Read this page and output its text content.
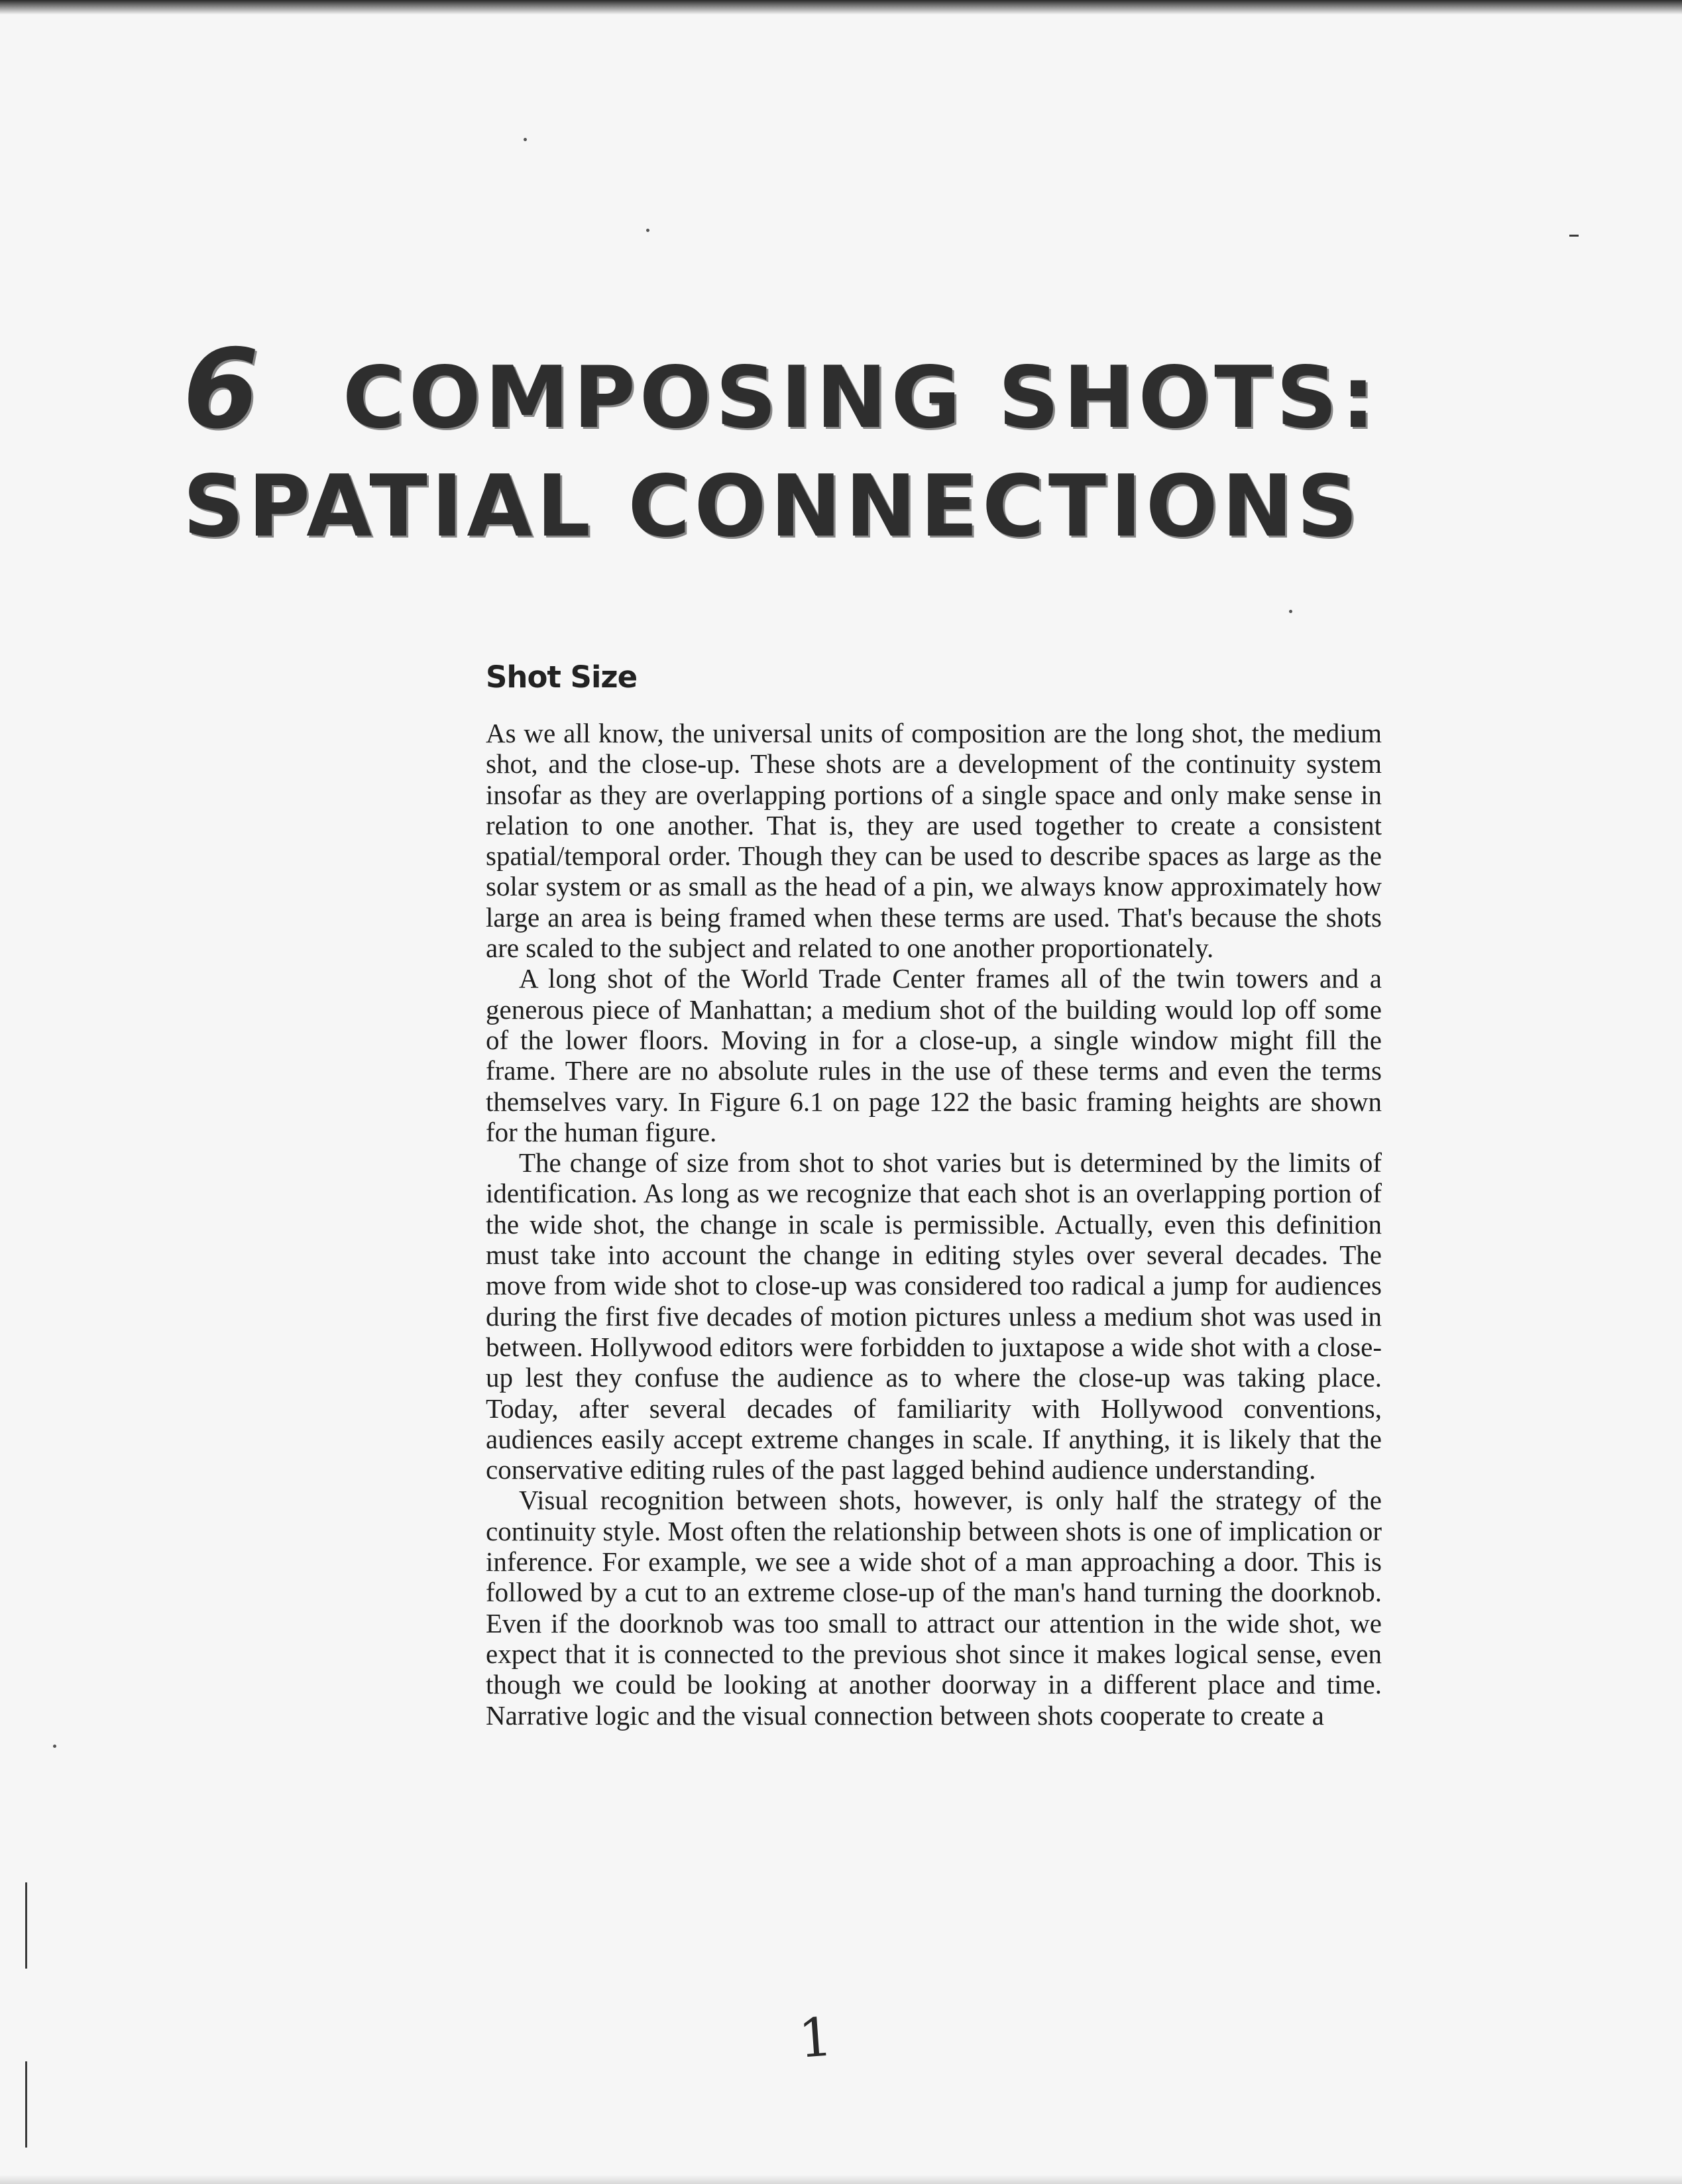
6 COMPOSING SHOTS:
SPATIAL CONNECTIONS
Shot Size

As we all know, the universal units of composition are the long shot, the medium shot, and the close-up. These shots are a development of the continuity system insofar as they are overlapping portions of a single space and only make sense in relation to one another. That is, they are used together to create a consistent spatial/temporal order. Though they can be used to describe spaces as large as the solar system or as small as the head of a pin, we always know approximately how large an area is being framed when these terms are used. That's because the shots are scaled to the subject and related to one another proportionately.

A long shot of the World Trade Center frames all of the twin towers and a generous piece of Manhattan; a medium shot of the building would lop off some of the lower floors. Moving in for a close-up, a single window might fill the frame. There are no absolute rules in the use of these terms and even the terms themselves vary. In Figure 6.1 on page 122 the basic framing heights are shown for the human figure.

The change of size from shot to shot varies but is determined by the limits of identification. As long as we recognize that each shot is an overlapping portion of the wide shot, the change in scale is permissible. Actually, even this definition must take into account the change in editing styles over several decades. The move from wide shot to close-up was considered too radical a jump for audiences during the first five decades of motion pictures unless a medium shot was used in between. Hollywood editors were forbidden to juxtapose a wide shot with a close-up lest they confuse the audience as to where the close-up was taking place. Today, after several decades of familiarity with Hollywood conventions, audiences easily accept extreme changes in scale. If anything, it is likely that the conservative editing rules of the past lagged behind audience understanding.

Visual recognition between shots, however, is only half the strategy of the continuity style. Most often the relationship between shots is one of implication or inference. For example, we see a wide shot of a man approaching a door. This is followed by a cut to an extreme close-up of the man's hand turning the doorknob. Even if the doorknob was too small to attract our attention in the wide shot, we expect that it is connected to the previous shot since it makes logical sense, even though we could be looking at another doorway in a different place and time. Narrative logic and the visual connection between shots cooperate to create a

1
